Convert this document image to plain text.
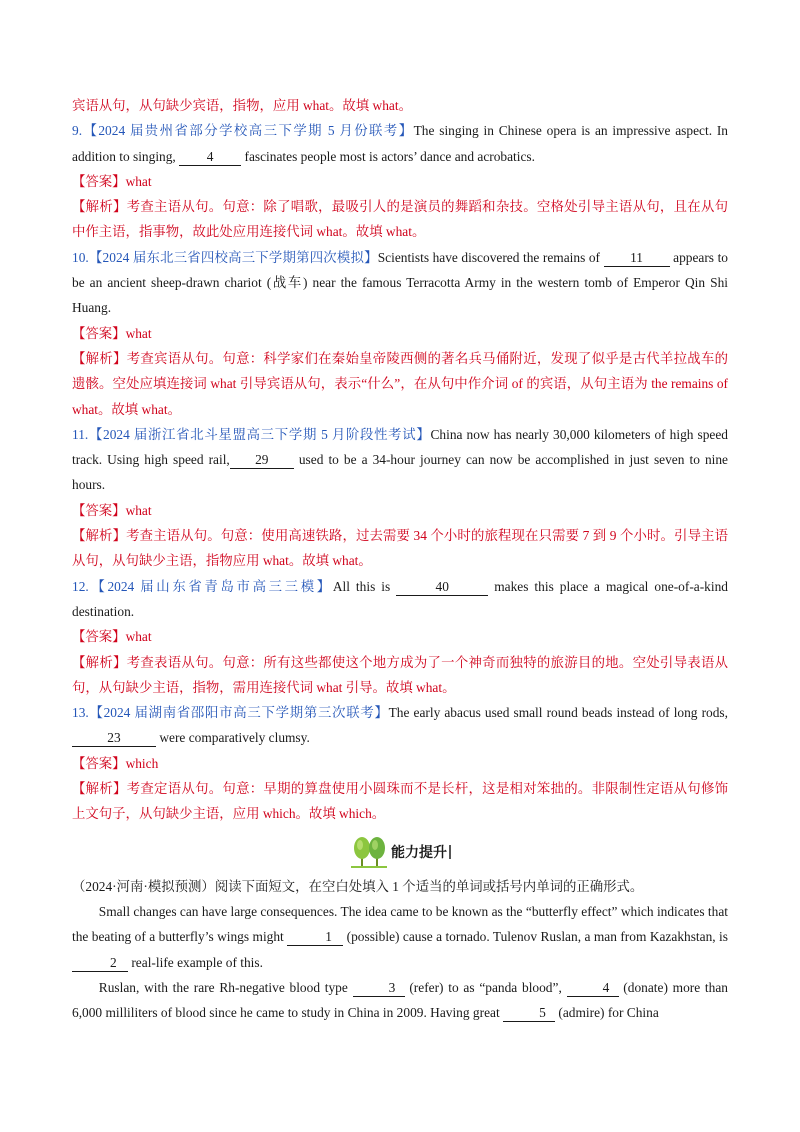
宾语从句，从句缺少宾语，指物，应用 what。故填 what。

9.【2024 届贵州省部分学校高三下学期 5 月份联考】The singing in Chinese opera is an impressive aspect. In addition to singing, 4 fascinates people most is actors’ dance and acrobatics.

【答案】what

【解析】考查主语从句。句意：除了唱歌，最吸引人的是演员的舞蹈和杂技。空格处引导主语从句，且在从句中作主语，指事物，故此处应用连接代词 what。故填 what。

10.【2024 届东北三省四校高三下学期第四次模拟】Scientists have discovered the remains of 11 appears to be an ancient sheep-drawn chariot (战车) near the famous Terracotta Army in the western tomb of Emperor Qin Shi Huang.

【答案】what

【解析】考查宾语从句。句意：科学家们在秦始皇帝陵西侧的著名兵马俑附近，发现了似乎是古代羊拉战车的遗骸。空处应填连接词 what 引导宾语从句，表示“什么”，在从句中作介词 of 的宾语，从句主语为 the remains of what。故填 what。

11.【2024 届浙江省北斗星盟高三下学期 5 月阶段性考试】China now has nearly 30,000 kilometers of high speed track. Using high speed rail, 29 used to be a 34-hour journey can now be accomplished in just seven to nine hours.

【答案】what

【解析】考查主语从句。句意：使用高速铁路，过去需要 34 个小时的旅程现在只需要 7 到 9 个小时。引导主语从句，从句缺少主语，指物应用 what。故填 what。

12.【2024 届山东省青岛市高三三模】All this is	40	makes this place a magical one-of-a-kind destination.

【答案】what

【解析】考查表语从句。句意：所有这些都使这个地方成为了一个神奇而独特的旅游目的地。空处引导表语从句，从句缺少主语，指物，需用连接代词 what 引导。故填 what。

13.【2024 届湖南省邵阳市高三下学期第三次联考】The early abacus used small round beads instead of long rods, 23	were comparatively clumsy.

【答案】which

【解析】考查定语从句。句意：早期的算盘使用小圆珠而不是长杆，这是相对笨拙的。非限制性定语从句修饰上文句子，从句缺少主语，应用 which。故填 which。

能力提升

（2024·河南·模拟预测）阅读下面短文，在空白处填入 1 个适当的单词或括号内单词的正确形式。

Small changes can have large consequences. The idea came to be known as the “butterfly effect” which indicates that the beating of a butterfly’s wings might	1 (possible) cause a tornado. Tulenov Ruslan, a man from Kazakhstan, is 2 real-life example of this.

Ruslan, with the rare Rh-negative blood type	3 (refer) to as “panda blood”,	4 (donate) more than 6,000 milliliters of blood since he came to study in China in 2009. Having great	5 (admire) for China
